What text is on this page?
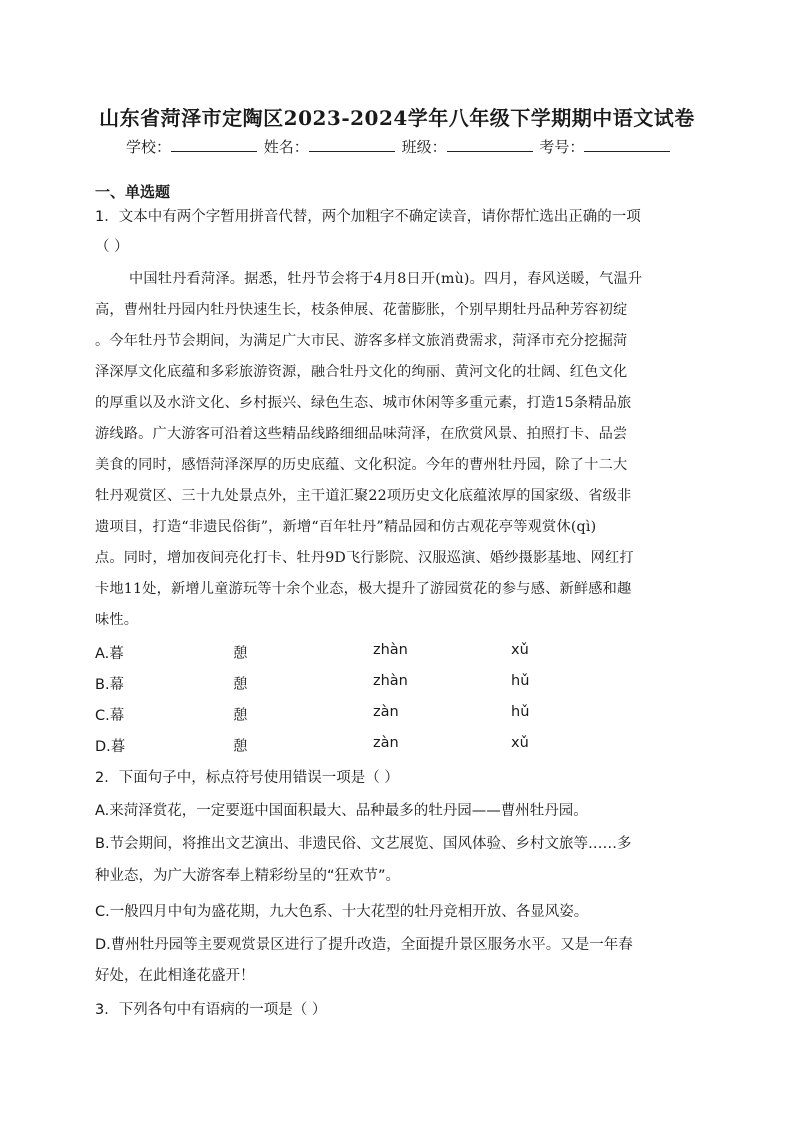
山东省菏泽市定陶区2023-2024学年八年级下学期期中语文试卷
学校：	姓名：	班级：	考号：
一、单选题
1．文本中有两个字暂用拼音代替，两个加粗字不确定读音，请你帮忙选出正确的一项
（ ）
中国牡丹看菏泽。据悉，牡丹节会将于4月8日开(mù)。四月，春风送暖，气温升
高，曹州牡丹园内牡丹快速生长，枝条伸展、花蕾膨胀，个别早期牡丹品种芳容初绽
。今年牡丹节会期间，为满足广大市民、游客多样文旅消费需求，菏泽市充分挖掘菏
泽深厚文化底蕴和多彩旅游资源，融合牡丹文化的绚丽、黄河文化的壮阔、红色文化
的厚重以及水浒文化、乡村振兴、绿色生态、城市休闲等多重元素，打造15条精品旅
游线路。广大游客可沿着这些精品线路细细品味菏泽，在欣赏风景、拍照打卡、品尝
美食的同时，感悟菏泽深厚的历史底蕴、文化积淀。今年的曹州牡丹园，除了十二大
牡丹观赏区、三十九处景点外，主干道汇聚22项历史文化底蕴浓厚的国家级、省级非
遗项目，打造“非遗民俗街”，新增“百年牡丹”精品园和仿古观花亭等观赏休(qì)
点。同时，增加夜间亮化打卡、牡丹9D飞行影院、汉服巡演、婚纱摄影基地、网红打
卡地11处，新增儿童游玩等十余个业态，极大提升了游园赏花的参与感、新鲜感和趣
味性。
A.暮	憩	zhàn	xǔ
B.幕	憩	zhàn	hǔ
C.幕	憩	zàn	hǔ
D.暮	憩	zàn	xǔ
2．下面句子中，标点符号使用错误一项是（ ）
A.来菏泽赏花，一定要逛中国面积最大、品种最多的牡丹园——曹州牡丹园。
B.节会期间，将推出文艺演出、非遗民俗、文艺展览、国风体验、乡村文旅等……多
种业态，为广大游客奉上精彩纷呈的“狂欢节”。
C.一般四月中旬为盛花期，九大色系、十大花型的牡丹竞相开放、各显风姿。
D.曹州牡丹园等主要观赏景区进行了提升改造，全面提升景区服务水平。又是一年春
好处，在此相逢花盛开！
3．下列各句中有语病的一项是（ ）
